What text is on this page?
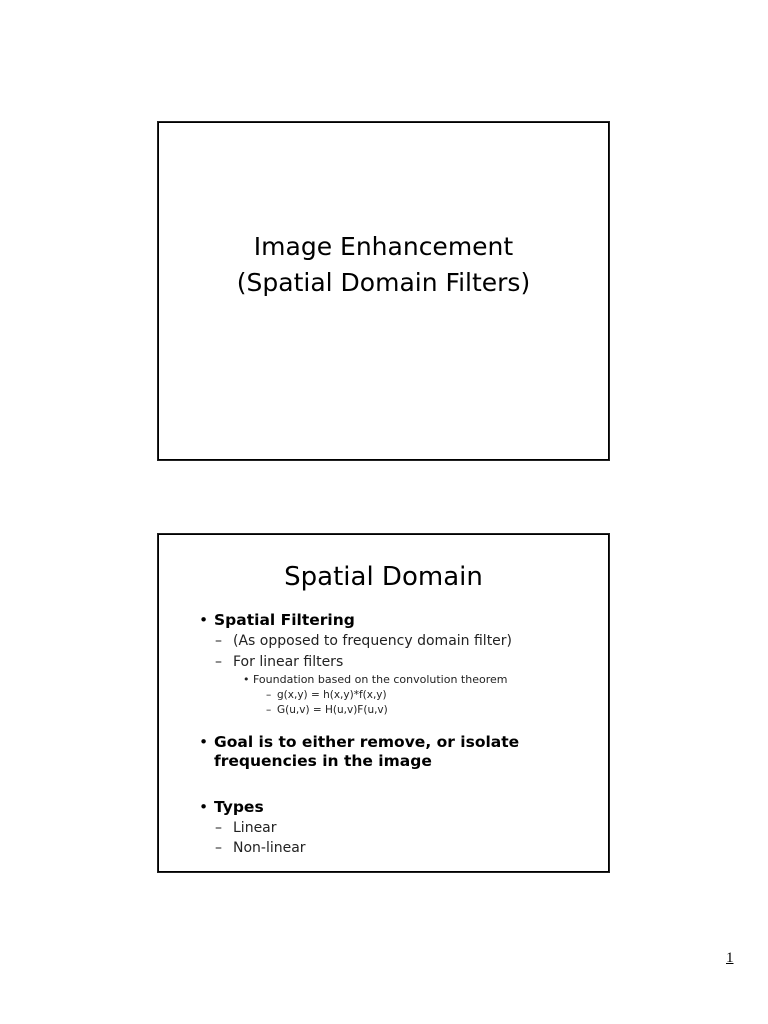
Image Enhancement
(Spatial Domain Filters)
Spatial Domain
• Spatial Filtering
– (As opposed to frequency domain filter)
– For linear filters
• Foundation based on the convolution theorem
– g(x,y) = h(x,y)*f(x,y)
– G(u,v) = H(u,v)F(u,v)
• Goal is to either remove, or isolate
frequencies in the image
• Types
– Linear
– Non-linear
1
